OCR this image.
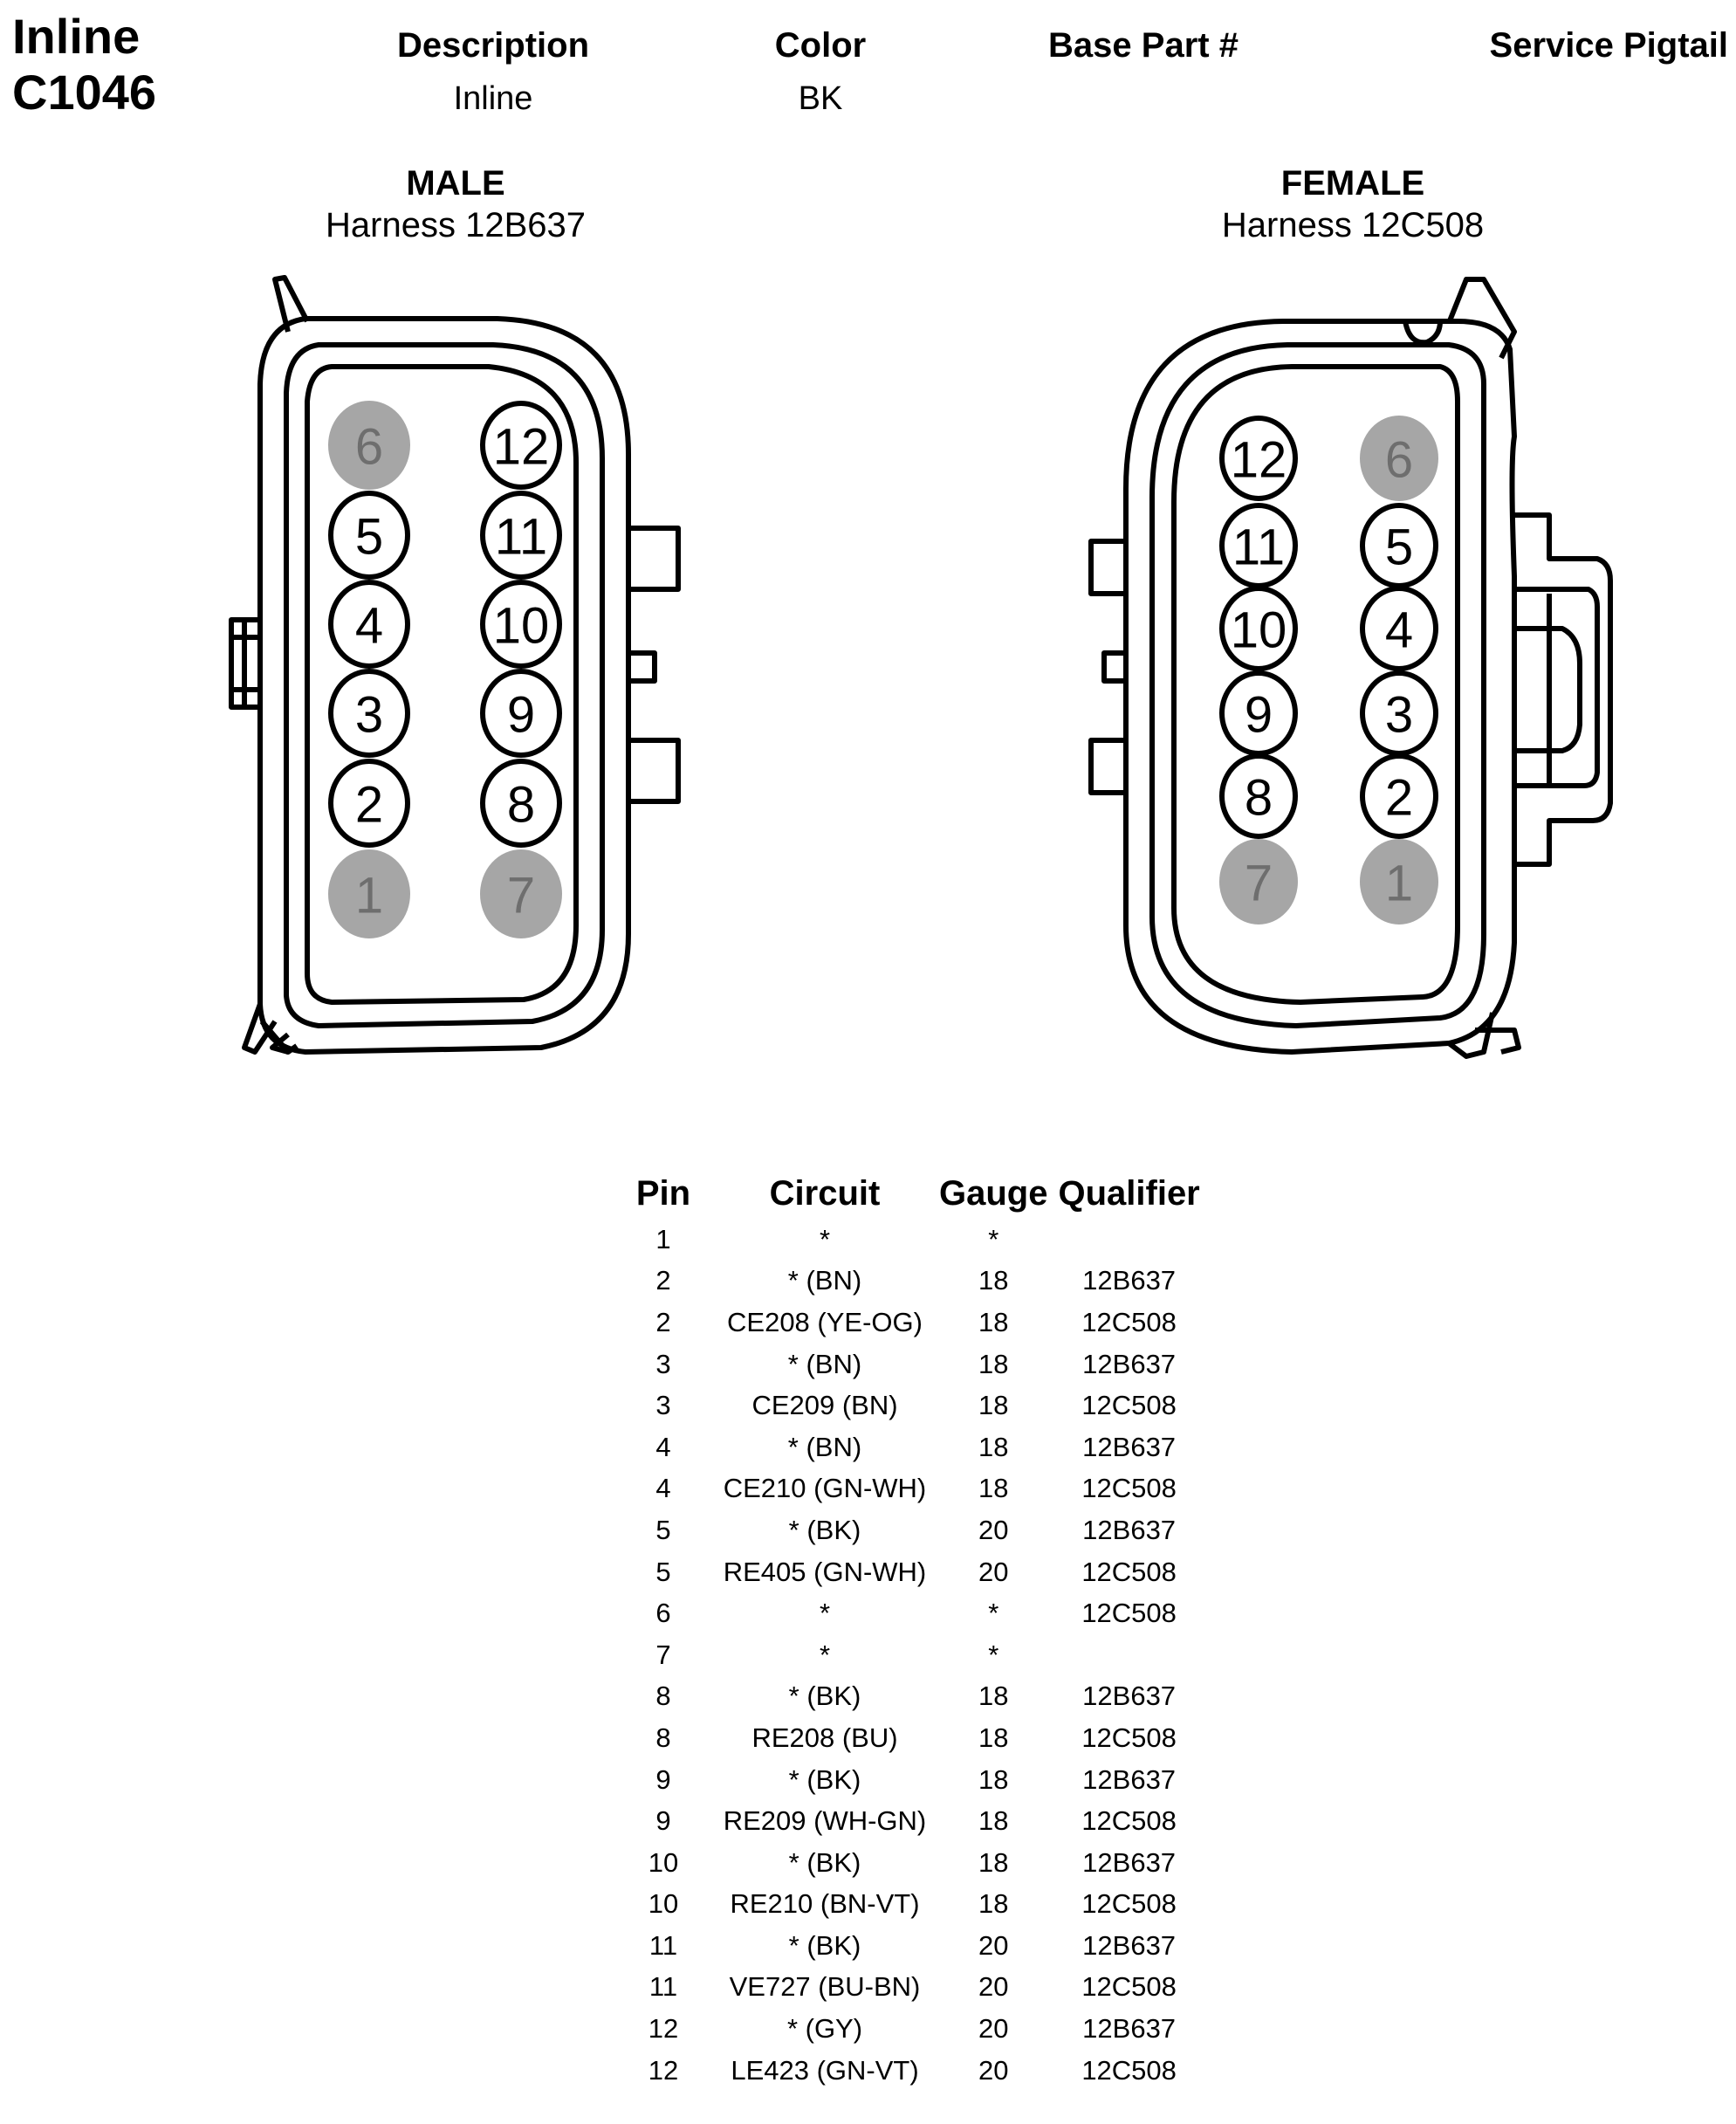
Inline
C1046
Description
Inline
Color
BK
Base Part #	Service Pigtail
MALE
Harness 12B637
FEMALE
Harness 12C508
6 12
5 11
4 10
3 9
2 8
1 7
12 6
11 5
10 4
9 3
8 2
7 1
Pin	Circuit	Gauge	Qualifier
1	*	*	
2	* (BN)	18	12B637
2	CE208 (YE-OG)	18	12C508
3	* (BN)	18	12B637
3	CE209 (BN)	18	12C508
4	* (BN)	18	12B637
4	CE210 (GN-WH)	18	12C508
5	* (BK)	20	12B637
5	RE405 (GN-WH)	20	12C508
6	*	*	12C508
7	*	*	
8	* (BK)	18	12B637
8	RE208 (BU)	18	12C508
9	* (BK)	18	12B637
9	RE209 (WH-GN)	18	12C508
10	* (BK)	18	12B637
10	RE210 (BN-VT)	18	12C508
11	* (BK)	20	12B637
11	VE727 (BU-BN)	20	12C508
12	* (GY)	20	12B637
12	LE423 (GN-VT)	20	12C508
